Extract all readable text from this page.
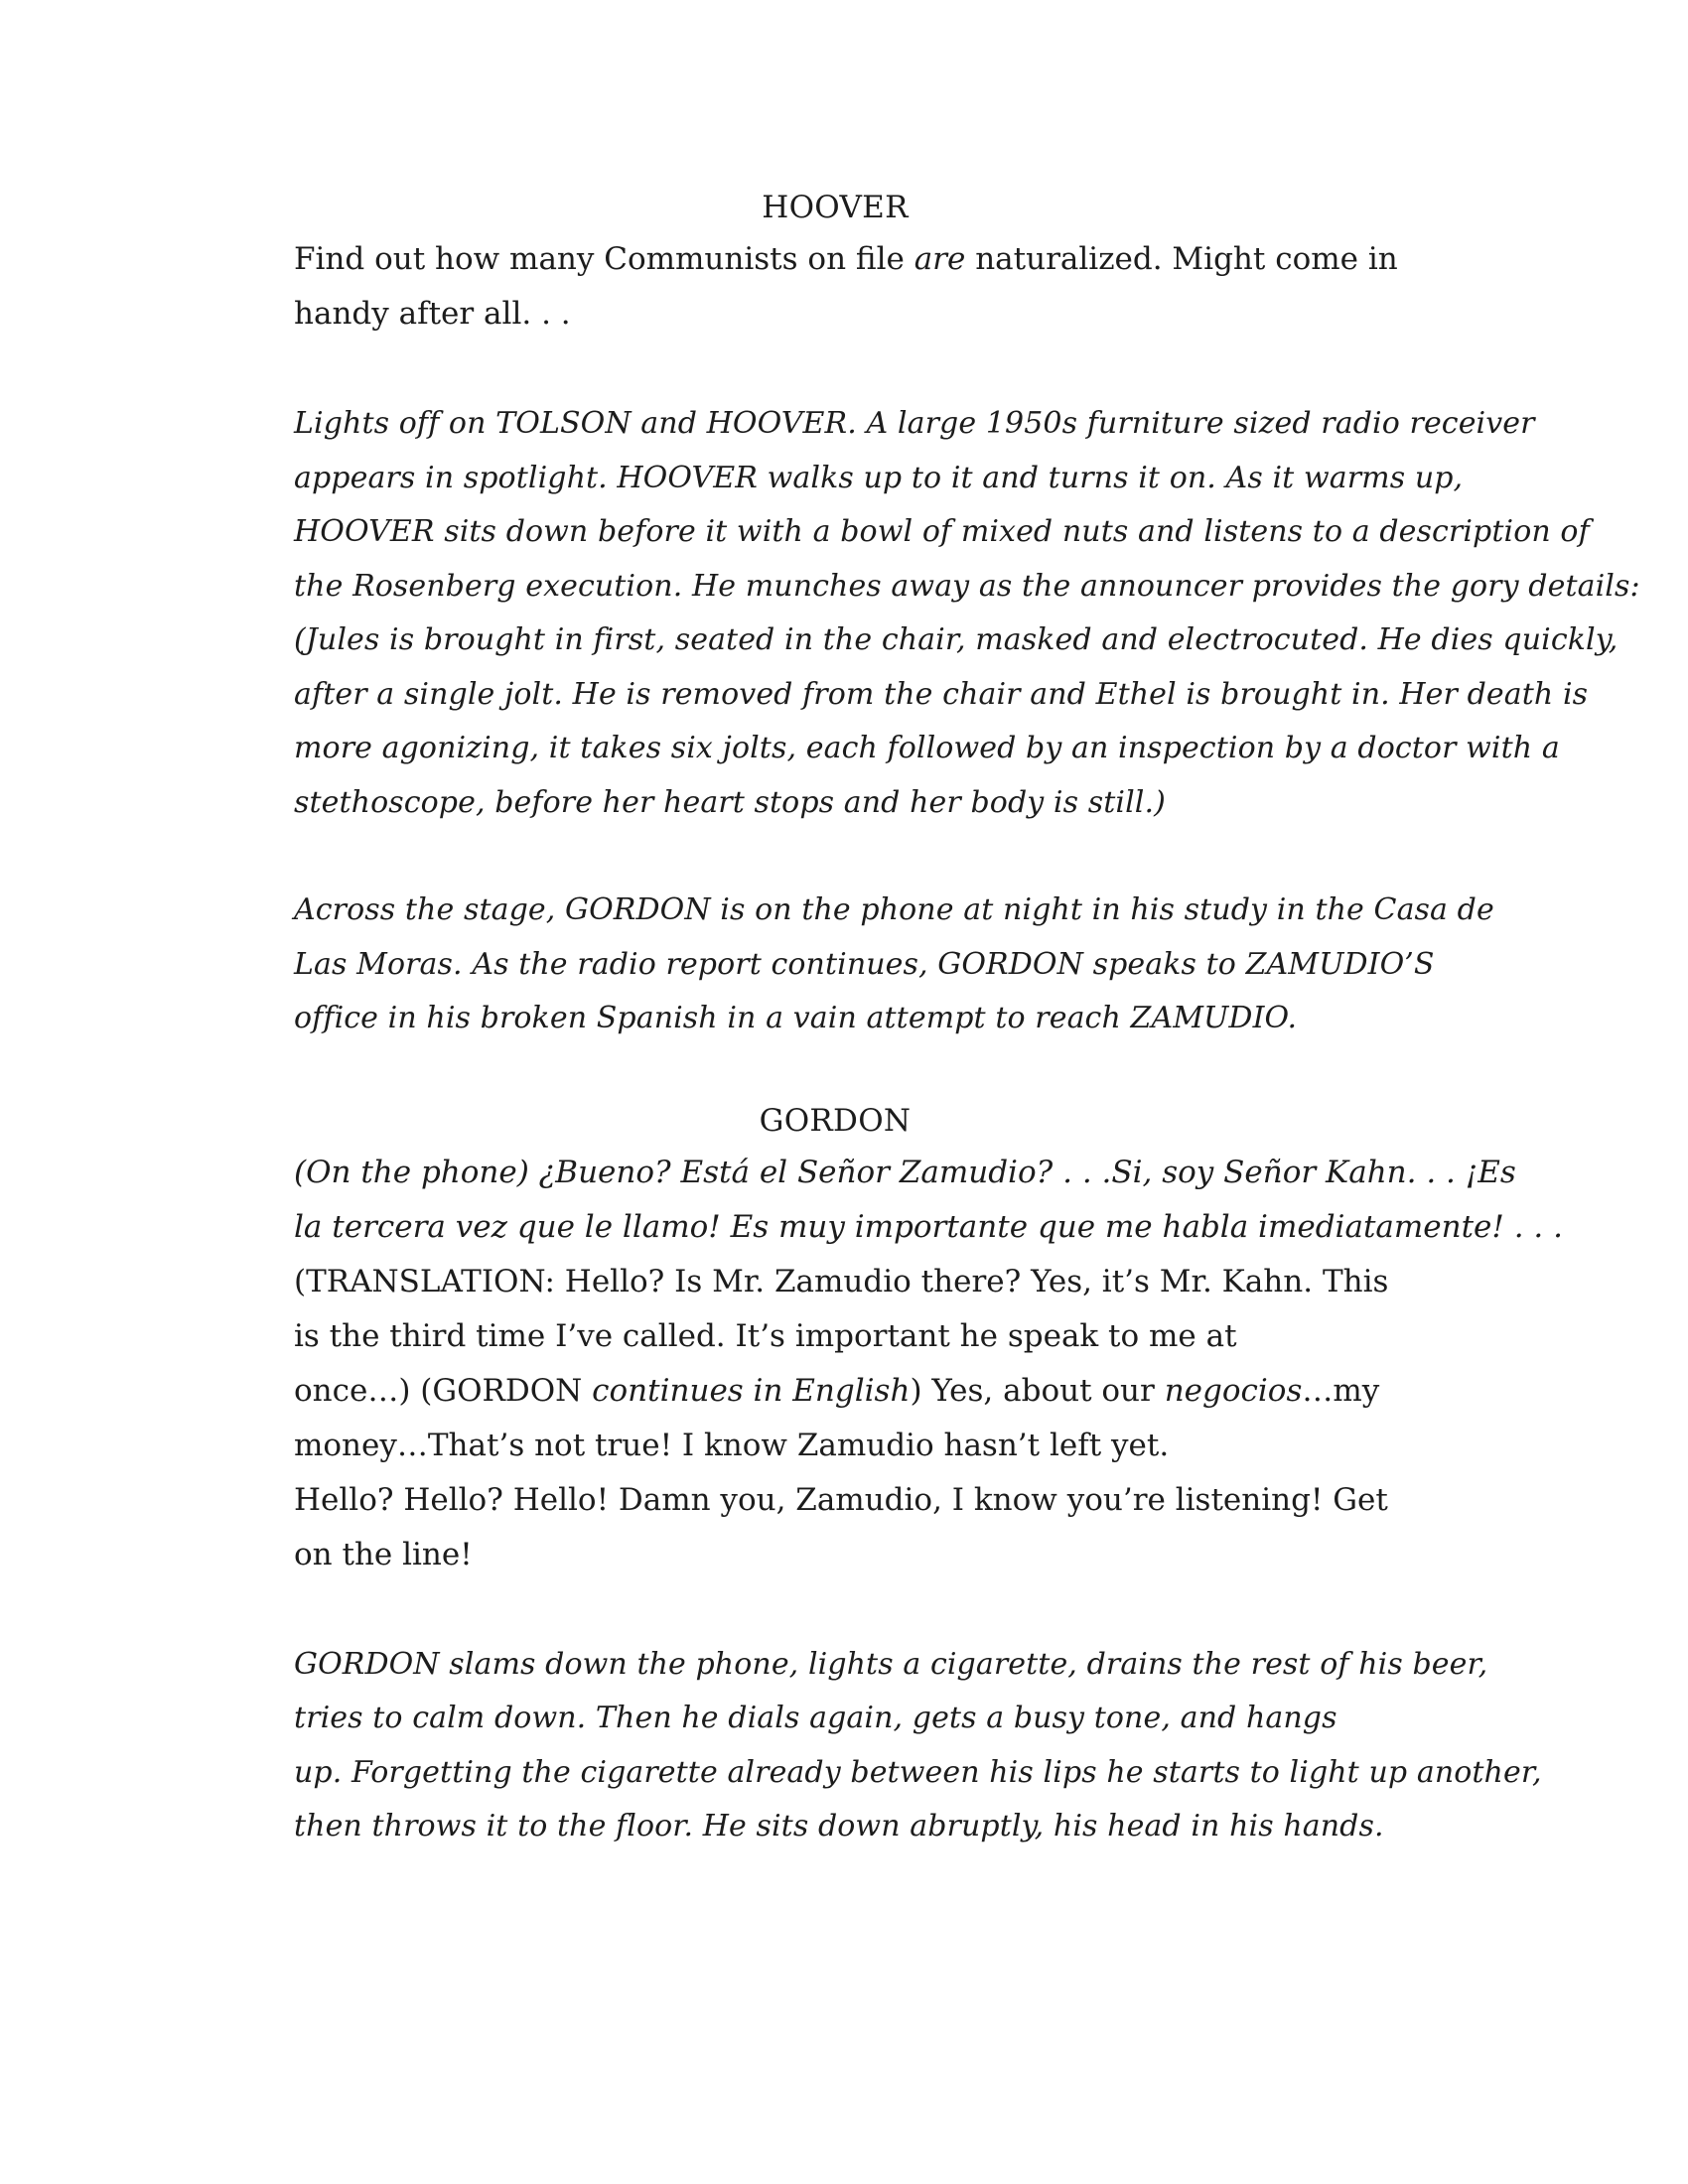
HOOVER

Find out how many Communists on file are naturalized. Might come in
handy after all. . .

Lights off on TOLSON and HOOVER. A large 1950s furniture sized radio receiver
appears in spotlight. HOOVER walks up to it and turns it on. As it warms up,
HOOVER sits down before it with a bowl of mixed nuts and listens to a description of
the Rosenberg execution. He munches away as the announcer provides the gory details:
(Jules is brought in first, seated in the chair, masked and electrocuted. He dies quickly,
after a single jolt. He is removed from the chair and Ethel is brought in. Her death is
more agonizing, it takes six jolts, each followed by an inspection by a doctor with a
stethoscope, before her heart stops and her body is still.)

Across the stage, GORDON is on the phone at night in his study in the Casa de
Las Moras. As the radio report continues, GORDON speaks to ZAMUDIO’S
office in his broken Spanish in a vain attempt to reach ZAMUDIO.

GORDON

(On the phone) ¿Bueno? Está el Señor Zamudio? . . .Si, soy Señor Kahn. . . ¡Es
la tercera vez que le llamo! Es muy importante que me habla imediatamente! . . .
(TRANSLATION: Hello? Is Mr. Zamudio there? Yes, it’s Mr. Kahn. This
is the third time I’ve called. It’s important he speak to me at
once…) (GORDON continues in English) Yes, about our negocios…my
money…That’s not true! I know Zamudio hasn’t left yet.
Hello? Hello? Hello! Damn you, Zamudio, I know you’re listening! Get
on the line!

GORDON slams down the phone, lights a cigarette, drains the rest of his beer,
tries to calm down. Then he dials again, gets a busy tone, and hangs
up. Forgetting the cigarette already between his lips he starts to light up another,
then throws it to the floor. He sits down abruptly, his head in his hands.
